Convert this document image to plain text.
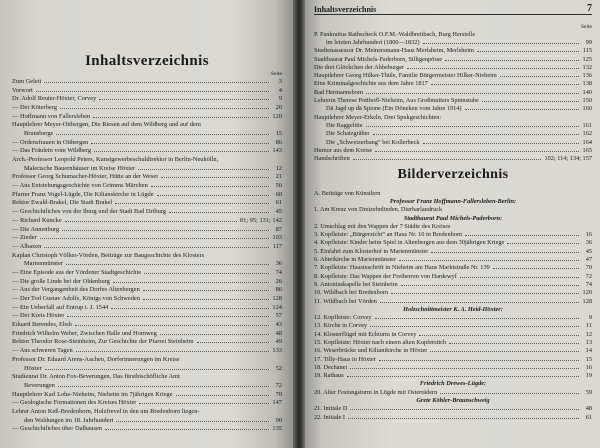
Inhaltsverzeichnis
Seite
Zum Geleit	3
Vorwort	4
Dr. Adolf Reuter-Höxter, Corvey	9
— Der Köterberg	20
— Hoffmann von Fallersleben	120
Hauptlehrer Meyer-Ottbergen, Die Riesen auf dem Wildberg und auf dem
Brunsberge	15
— Ordensfrauen in Ottbergen	86
— Das Fräulein vom Wildberg	143
Arch.-Professor Leopold Peters, Kunstgewerbeschuldirektor in Berlin-Neukölln,
Malerische Bauernhäuser im Kreise Höxter	12
Professor Georg Schumacher-Höxter, Hütte an der Weser	21
— Aus Entstehungsgeschichte von Grimms Märchen	50
Pfarrer Franz Vogel-Lügde, Die Kilianskirche in Lügde	60
Rektor Ewald-Brakel, Die Stadt Brakel	61
— Geschichtliches von der Iburg und der Stadt Bad Driburg	45
— Richard Kuncke	81; 95; 131; 142
— Die Annenburg	87
— Zieder	103
— Albaxen	117
Kaplan Christoph Völker-Vörden, Beiträge zur Baugeschichte des Klosters
Marienmünster	36
— Eine Episode aus der Vördener Stadtgeschichte	74
— Die große Linde bei der Oldenburg	26
— Aus der Vergangenheit des Dorfes Altenbergen	86
— Der Tod Gustav Adolfs, Königs von Schweden	128
— Ein Ueberfall auf Entrup i. J. 1544	124
— Der Kreis Höxter	57
Eduard Berendes, Ebsh	43
Friedrich Wilhelm Weber, Zwischen Halle und Hornweg	48
Rektor Theodor Rose-Steinheim, Zur Geschichte der Pfarrei Steinheim	49
— Aus schweren Tagen	133
Professor Dr. Eduard Arens-Aachen, Dorferinnerungen im Kreise
Höxter	52
Studienrat Dr. Anton Fox-Beverungen, Das fürstbischöfliche Amt
Beverungen	72
Hauptlehrer Karl Lohe-Nieheim, Nieheim im 7jährigen Kriege	70
— Geologische Formationen des Kreises Höxter	147
Lehrer Anton Keß-Bredenborn, Holzfrevel in den um Bredenborn liegen-
den Waldungen im 18. Jahrhundert	90
— Geschichtliches über Dalhausen	135
Inhaltsverzeichnis	7
Seite
P. Pankratius Rathscheck O.F.M.-Waldbreitbach, Burg Herstelle
im letzten Jahrhundert (1800—1832)	99
Studienassessor Dr. Meinersmann-Haus Merlsheim, Merlsheim	115
Stadtbaurat Paul Michels-Paderborn, Silligenpösse	125
Die drei Glöckchen der Abbeburger	132
Hauptlehrer Georg Hilker-Thüle, Familie Bürgermeister Hilker-Nieheim	136
Eine Kriminalgeschichte aus dem Jahre 1817	138
Bad Hermannsborn	140
Lehrerin Therese Potthoff-Nieheim, Aus Großmutters Spinnstube	150
Dä Jagd up dä Spione (Ein Döneken vom Jahre 1914)	160
Hauptlehrer Meyer-Erkeln, Drei Spukgeschichten:
Die Raggelitte	161
Die Schatzgräber	162
Die „Schweizerbang“ bei Kollerbeck	164
Humor aus dem Kreise	165
Handschriften	102; 114; 134; 157
Bilderverzeichnis
A. Beiträge von Künstlern
Professor Franz Hoffmann-Fallersleben-Berlin:
1. Am Kreuz von Dreizehnlinden, Dierbarlandruck
Stadtbaurat Paul Michels-Paderborn:
2. Umschlag mit den Wappen der 7 Städte des Kreises
3. Kopfleiste: „Bürgerzicht“ an Haus Nr. 10 in Bredenborn	16
4. Kopfleiste: Kinder beim Spiel in Altenbergen aus dem 30jährigen Kriege	36
5. Einfahrt zum Klosterhof in Marienmünster	45
6. Abteikirche in Marienmünster	47
7. Kopfleiste: Hausinschrift in Nieheim am Haus Marktstraße Nr. 139	70
8. Kopfleiste: Das Wappen der Freiherren von Hardewyf	72
9. Antoniuskapelle bei Steinheim	74
10. Wildbach bei Bredenborn	120
11. Wildbach bei Vörden	128
Holzschnittmeister K. A. Heid-Höxter:
12. Kopfleiste: Corvey	9
13. Kirche in Corvey	11
14. Klosterflügel mit Eckturm in Corvey	12
15. Kopfleiste: Höxter nach einem alten Kupferstich	13
16. Weserbrücke und Kilianikirche in Höxter	14
17. Tilly-Haus in Höxter	15
18. Dechanei	16
19. Rathaus	19
Friedrich Drewes-Lügde:
20. Alter Festungsturm in Lügde mit Osterrädern	59
Grete Köhler-Braunschweig
21. Initiale D	48
22. Initiale I	61
